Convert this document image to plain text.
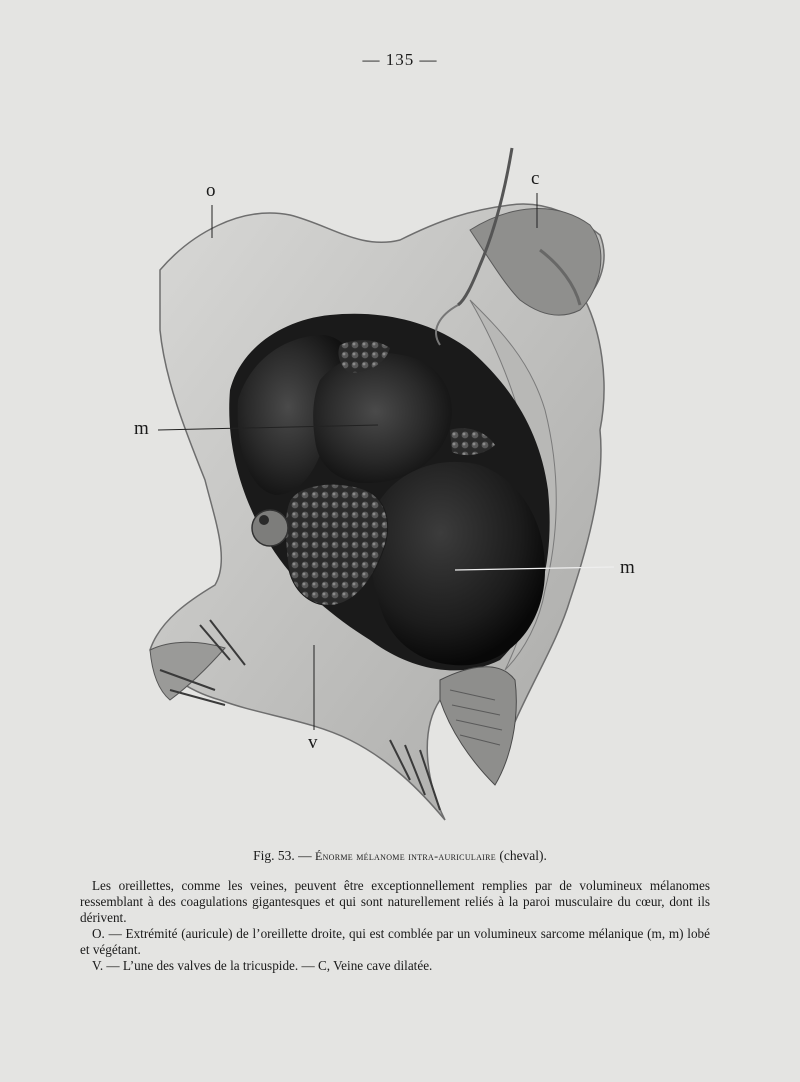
— 135 —
o
c
m
m
v
Fig. 53. — Énorme mélanome intra-auriculaire (cheval).

Les oreillettes, comme les veines, peuvent être exceptionnellement remplies par de volumineux mélanomes ressemblant à des coagulations gigantesques et qui sont naturellement reliés à la paroi musculaire du cœur, dont ils dérivent.

O. — Extrémité (auricule) de l’oreillette droite, qui est comblée par un volumineux sarcome mélanique (m, m) lobé et végétant.

V. — L’une des valves de la tricuspide. — C, Veine cave dilatée.
